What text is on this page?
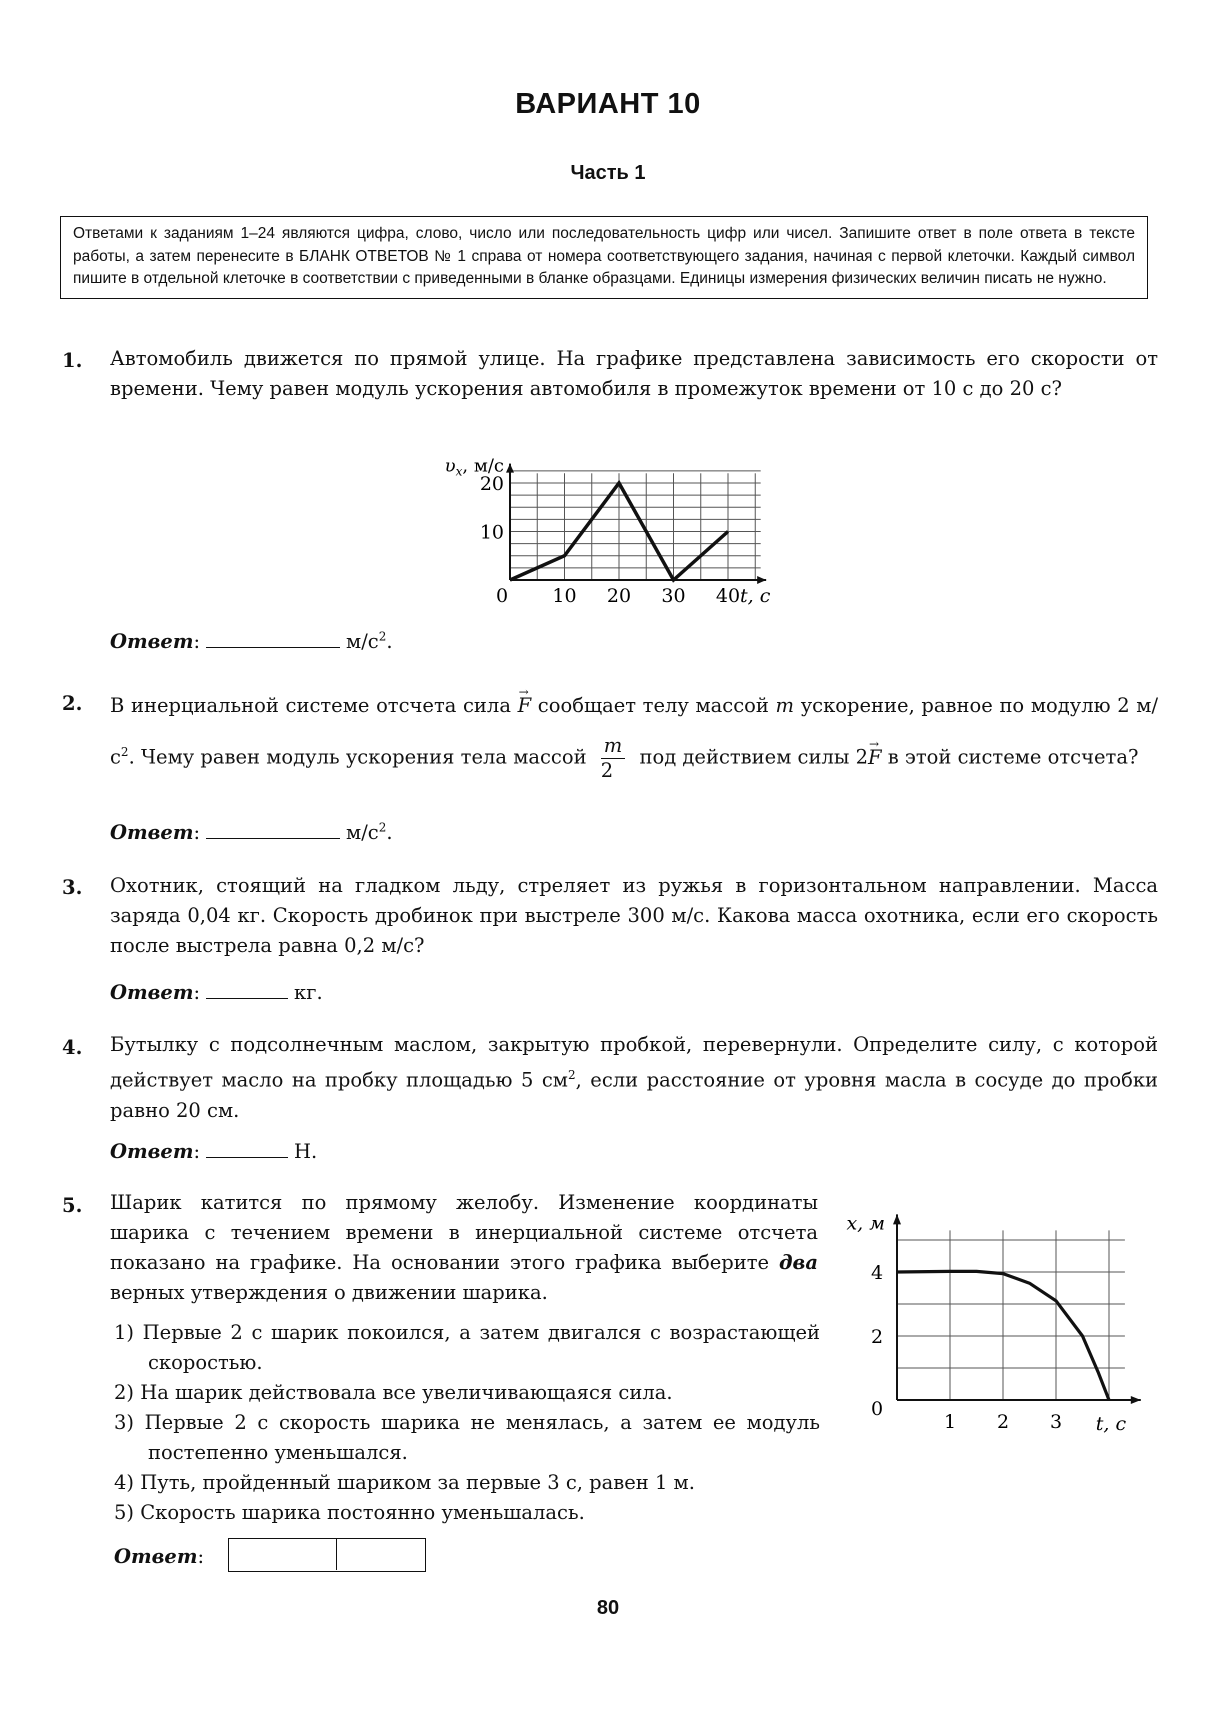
ВАРИАНТ 10
Часть 1
Ответами к заданиям 1–24 являются цифра, слово, число или последовательность цифр или чисел. Запишите ответ в поле ответа в тексте работы, а затем перенесите в БЛАНК ОТВЕТОВ № 1 справа от номера соответствующего задания, начиная с первой клеточки. Каждый символ пишите в отдельной клеточке в соответствии с приведенными в бланке образцами. Единицы измерения физических величин писать не нужно.
1. Автомобиль движется по прямой улице. На графике представлена зависимость его скорости от времени. Чему равен модуль ускорения автомобиля в промежуток времени от 10 с до 20 с?
0 10 20 30 40
10
20
$\upsilon_x$, м/с
t, с
Ответ:	$м/с^2$.
2. В инерциальной системе отсчета сила → F сообщает телу массой m ускорение, равное по модулю 2 $м/с^2$. Чему равен модуль ускорения тела массой $\frac{m}{2}$ под действием силы 2→ F в этой системе отсчета?
Ответ:	$м/с^2$.
3. Охотник, стоящий на гладком льду, стреляет из ружья в горизонтальном направлении. Масса заряда 0,04 кг. Скорость дробинок при выстреле 300 м/с. Какова масса охотника, если его скорость после выстрела равна 0,2 м/с?
Ответ:	кг.
4. Бутылку с подсолнечным маслом, закрытую пробкой, перевернули. Определите силу, с которой действует масло на пробку площадью 5 $см^2$, если расстояние от уровня масла в сосуде до пробки равно 20 см.
Ответ:	Н.
5. Шарик катится по прямому желобу. Изменение координаты шарика с течением времени в инерциальной системе отсчета показано на графике. На основании этого графика выберите два верных утверждения о движении шарика.
1) Первые 2 с шарик покоился, а затем двигался с возрастающей скоростью.
2) На шарик действовала все увеличивающаяся сила.
3) Первые 2 с скорость шарика не менялась, а затем ее модуль постепенно уменьшался.
4) Путь, пройденный шариком за первые 3 с, равен 1 м.
5) Скорость шарика постоянно уменьшалась.
1 2 3
0
2
4
x, м
t, с
Ответ:
80
